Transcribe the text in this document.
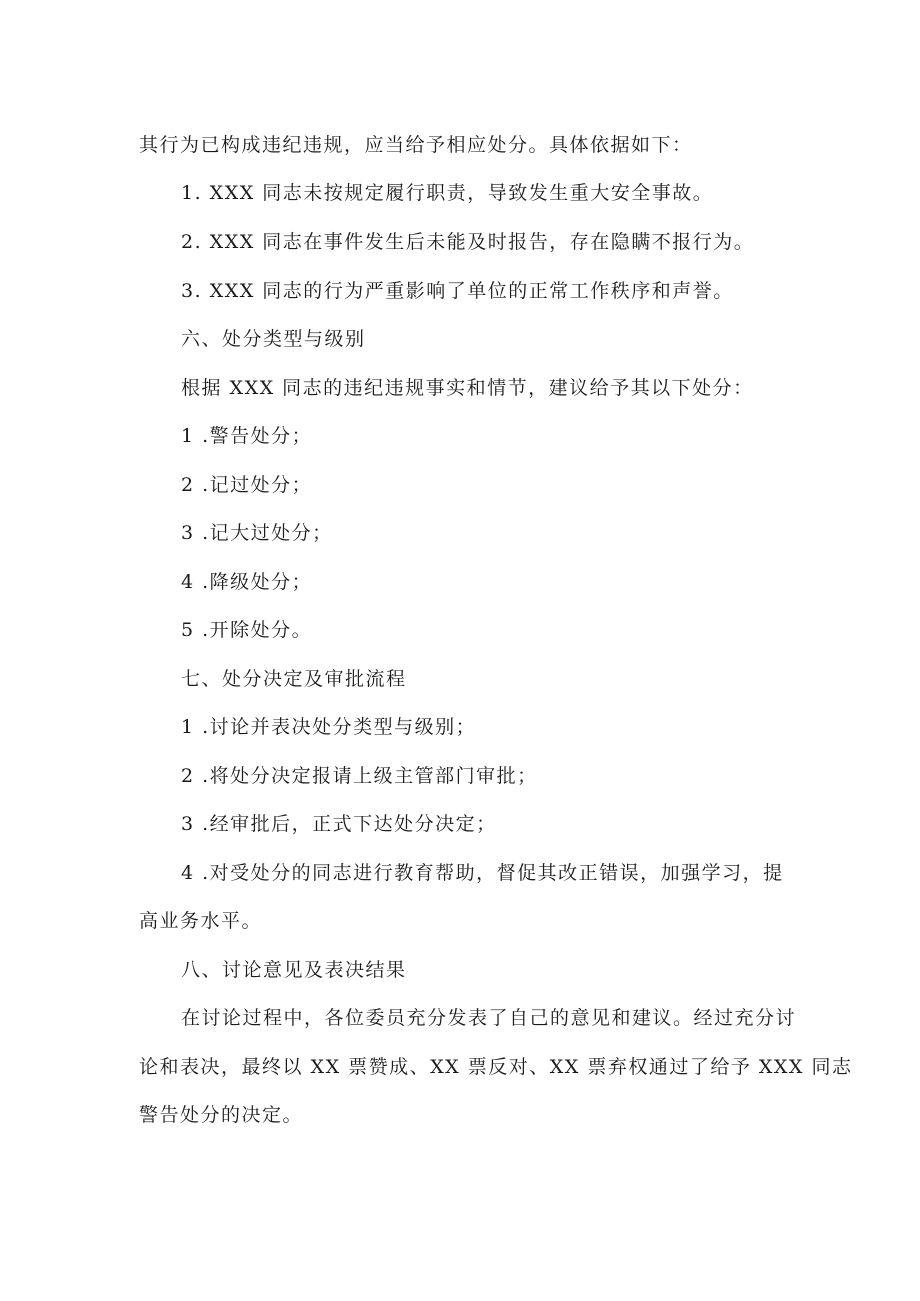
其行为已构成违纪违规，应当给予相应处分。具体依据如下：
1. XXX 同志未按规定履行职责，导致发生重大安全事故。
2. XXX 同志在事件发生后未能及时报告，存在隐瞒不报行为。
3. XXX 同志的行为严重影响了单位的正常工作秩序和声誉。
六、处分类型与级别
根据 XXX 同志的违纪违规事实和情节，建议给予其以下处分：
1 .警告处分；
2 .记过处分；
3 .记大过处分；
4 .降级处分；
5 .开除处分。
七、处分决定及审批流程
1 .讨论并表决处分类型与级别；
2 .将处分决定报请上级主管部门审批；
3 .经审批后，正式下达处分决定；
4 .对受处分的同志进行教育帮助，督促其改正错误，加强学习，提
高业务水平。
八、讨论意见及表决结果
在讨论过程中，各位委员充分发表了自己的意见和建议。经过充分讨
论和表决，最终以 XX 票赞成、XX 票反对、XX 票弃权通过了给予 XXX 同志
警告处分的决定。
